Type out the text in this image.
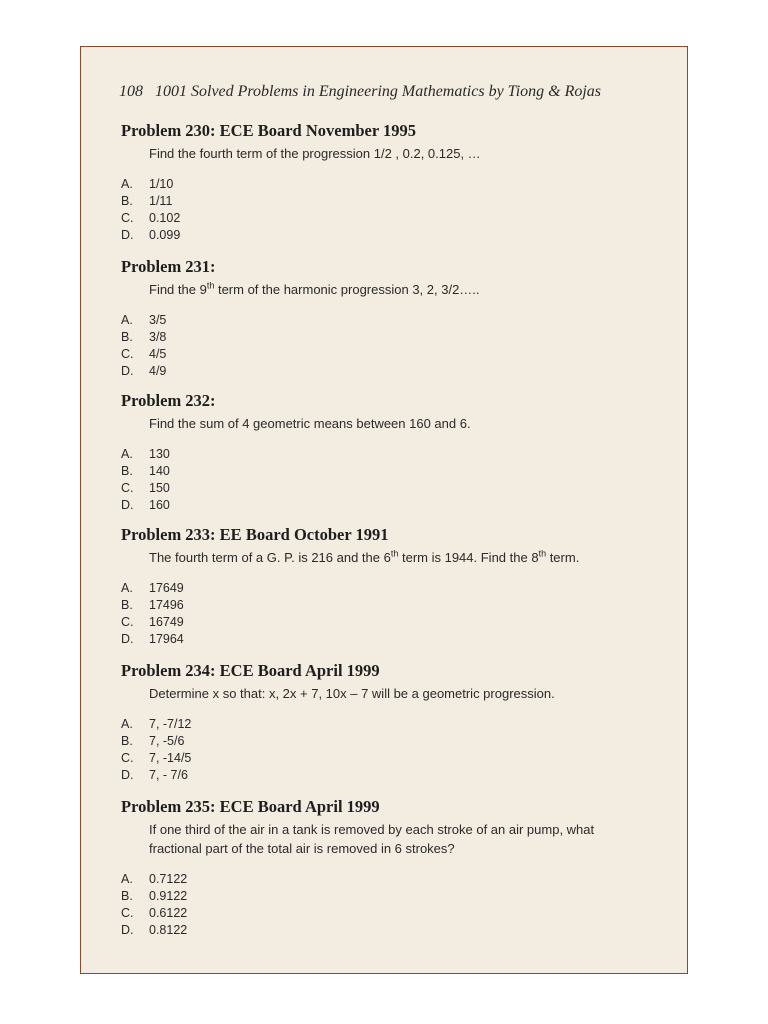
108 1001 Solved Problems in Engineering Mathematics by Tiong & Rojas

Problem 230: ECE Board November 1995

Find the fourth term of the progression 1/2 , 0.2, 0.125, …
A.	1/10
B.	1/11
C.	0.102
D.	0.099

Problem 231:

Find the 9th term of the harmonic progression 3, 2, 3/2…..
A.	3/5
B.	3/8
C.	4/5
D.	4/9

Problem 232:

Find the sum of 4 geometric means between 160 and 6.
A.	130
B.	140
C.	150
D.	160

Problem 233: EE Board October 1991

The fourth term of a G. P. is 216 and the 6th term is 1944. Find the 8th term.
A.	17649
B.	17496
C.	16749
D.	17964

Problem 234: ECE Board April 1999

Determine x so that: x, 2x + 7, 10x – 7 will be a geometric progression.
A.	7, -7/12
B.	7, -5/6
C.	7, -14/5
D.	7, - 7/6

Problem 235: ECE Board April 1999

If one third of the air in a tank is removed by each stroke of an air pump, what fractional part of the total air is removed in 6 strokes?
A.	0.7122
B.	0.9122
C.	0.6122
D.	0.8122
